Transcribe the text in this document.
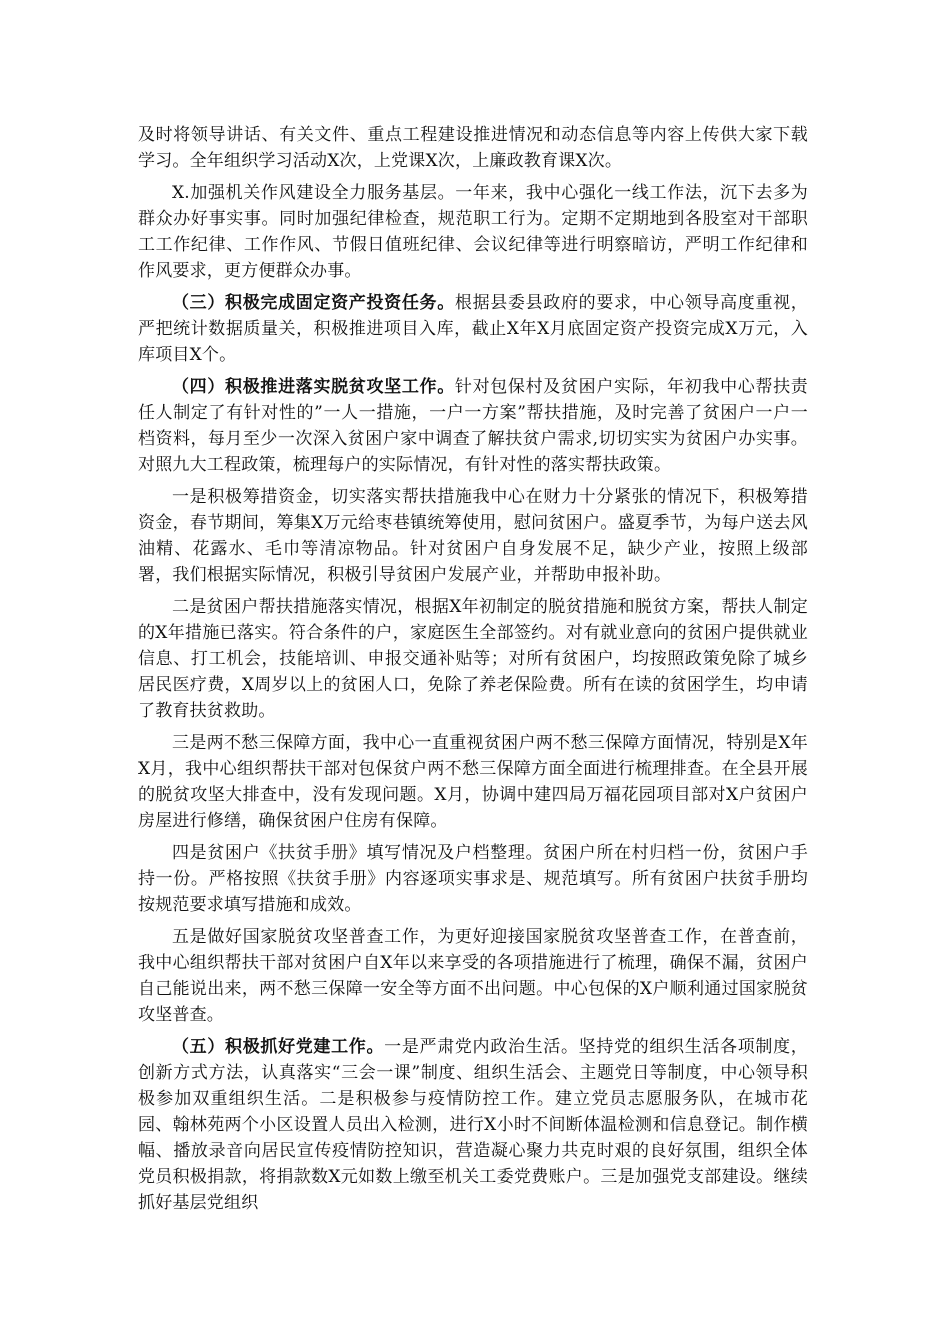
及时将领导讲话、有关文件、重点工程建设推进情况和动态信息等内容上传供大家下载学习。全年组织学习活动X次，上党课X次，上廉政教育课X次。

X.加强机关作风建设全力服务基层。一年来，我中心强化一线工作法，沉下去多为群众办好事实事。同时加强纪律检查，规范职工行为。定期不定期地到各股室对干部职工工作纪律、工作作风、节假日值班纪律、会议纪律等进行明察暗访，严明工作纪律和作风要求，更方便群众办事。

（三）积极完成固定资产投资任务。根据县委县政府的要求，中心领导高度重视，严把统计数据质量关，积极推进项目入库，截止X年X月底固定资产投资完成X万元，入库项目X个。

（四）积极推进落实脱贫攻坚工作。针对包保村及贫困户实际，年初我中心帮扶责任人制定了有针对性的”一人一措施，一户一方案”帮扶措施，及时完善了贫困户一户一档资料，每月至少一次深入贫困户家中调查了解扶贫户需求,切切实实为贫困户办实事。对照九大工程政策，梳理每户的实际情况，有针对性的落实帮扶政策。

一是积极筹措资金，切实落实帮扶措施我中心在财力十分紧张的情况下，积极筹措资金，春节期间，筹集X万元给枣巷镇统筹使用，慰问贫困户。盛夏季节，为每户送去风油精、花露水、毛巾等清凉物品。针对贫困户自身发展不足，缺少产业，按照上级部署，我们根据实际情况，积极引导贫困户发展产业，并帮助申报补助。

二是贫困户帮扶措施落实情况，根据X年初制定的脱贫措施和脱贫方案，帮扶人制定的X年措施已落实。符合条件的户，家庭医生全部签约。对有就业意向的贫困户提供就业信息、打工机会，技能培训、申报交通补贴等；对所有贫困户，均按照政策免除了城乡居民医疗费，X周岁以上的贫困人口，免除了养老保险费。所有在读的贫困学生，均申请了教育扶贫救助。

三是两不愁三保障方面，我中心一直重视贫困户两不愁三保障方面情况，特别是X年X月，我中心组织帮扶干部对包保贫户两不愁三保障方面全面进行梳理排查。在全县开展的脱贫攻坚大排查中，没有发现问题。X月，协调中建四局万福花园项目部对X户贫困户房屋进行修缮，确保贫困户住房有保障。

四是贫困户《扶贫手册》填写情况及户档整理。贫困户所在村归档一份，贫困户手持一份。严格按照《扶贫手册》内容逐项实事求是、规范填写。所有贫困户扶贫手册均按规范要求填写措施和成效。

五是做好国家脱贫攻坚普查工作，为更好迎接国家脱贫攻坚普查工作，在普查前，我中心组织帮扶干部对贫困户自X年以来享受的各项措施进行了梳理，确保不漏，贫困户自己能说出来，两不愁三保障一安全等方面不出问题。中心包保的X户顺利通过国家脱贫攻坚普查。

（五）积极抓好党建工作。一是严肃党内政治生活。坚持党的组织生活各项制度，创新方式方法，认真落实“三会一课”制度、组织生活会、主题党日等制度，中心领导积极参加双重组织生活。二是积极参与疫情防控工作。建立党员志愿服务队，在城市花园、翰林苑两个小区设置人员出入检测，进行X小时不间断体温检测和信息登记。制作横幅、播放录音向居民宣传疫情防控知识，营造凝心聚力共克时艰的良好氛围，组织全体党员积极捐款，将捐款数X元如数上缴至机关工委党费账户。三是加强党支部建设。继续抓好基层党组织
